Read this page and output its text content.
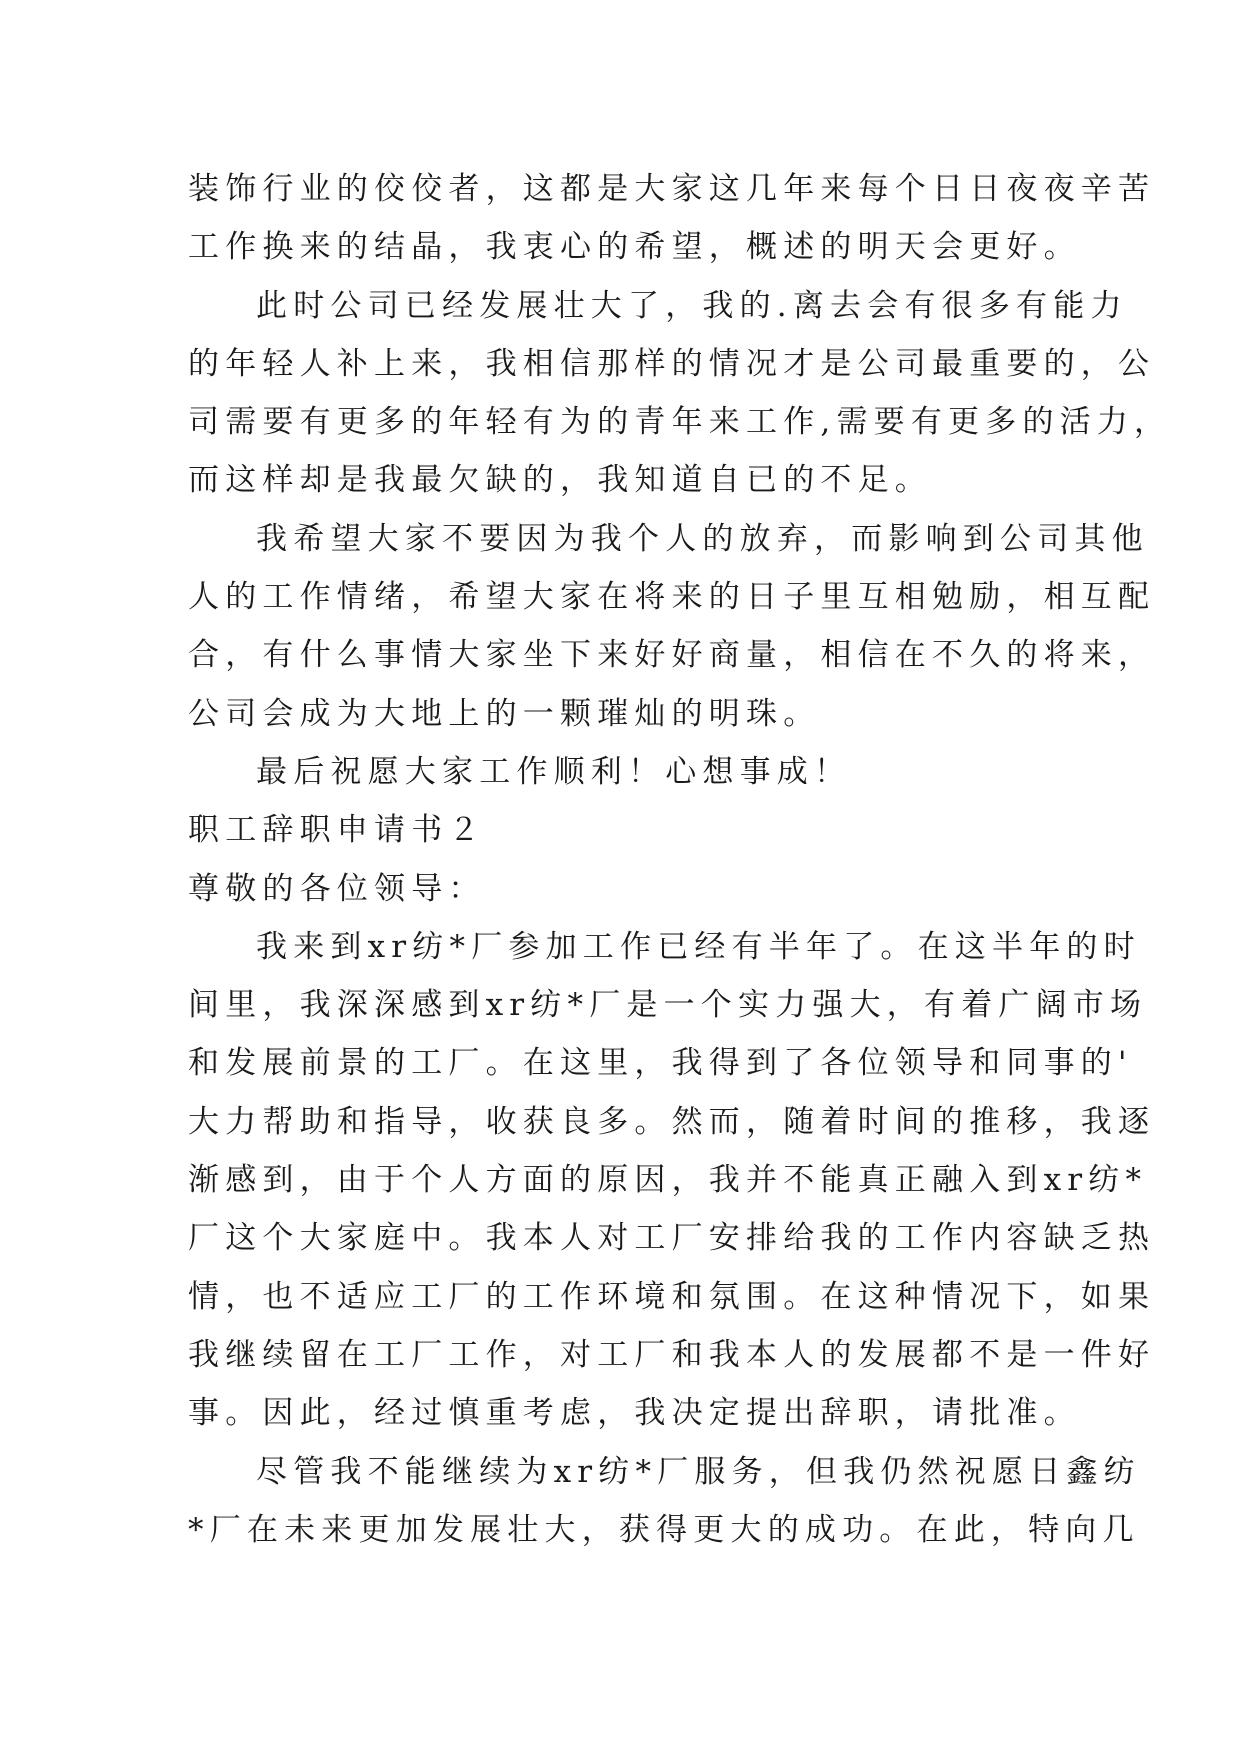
装饰行业的佼佼者，这都是大家这几年来每个日日夜夜辛苦
工作换来的结晶，我衷心的希望，概述的明天会更好。
此时公司已经发展壮大了，我的.离去会有很多有能力
的年轻人补上来，我相信那样的情况才是公司最重要的，公
司需要有更多的年轻有为的青年来工作,需要有更多的活力，
而这样却是我最欠缺的，我知道自已的不足。
我希望大家不要因为我个人的放弃，而影响到公司其他
人的工作情绪，希望大家在将来的日子里互相勉励，相互配
合，有什么事情大家坐下来好好商量，相信在不久的将来，
公司会成为大地上的一颗璀灿的明珠。
最后祝愿大家工作顺利！心想事成！
职工辞职申请书２
尊敬的各位领导：
我来到xr纺*厂参加工作已经有半年了。在这半年的时
间里，我深深感到xr纺*厂是一个实力强大，有着广阔市场
和发展前景的工厂。在这里，我得到了各位领导和同事的'
大力帮助和指导，收获良多。然而，随着时间的推移，我逐
渐感到，由于个人方面的原因，我并不能真正融入到xr纺*
厂这个大家庭中。我本人对工厂安排给我的工作内容缺乏热
情，也不适应工厂的工作环境和氛围。在这种情况下，如果
我继续留在工厂工作，对工厂和我本人的发展都不是一件好
事。因此，经过慎重考虑，我决定提出辞职，请批准。
尽管我不能继续为xr纺*厂服务，但我仍然祝愿日鑫纺
*厂在未来更加发展壮大，获得更大的成功。在此，特向几
